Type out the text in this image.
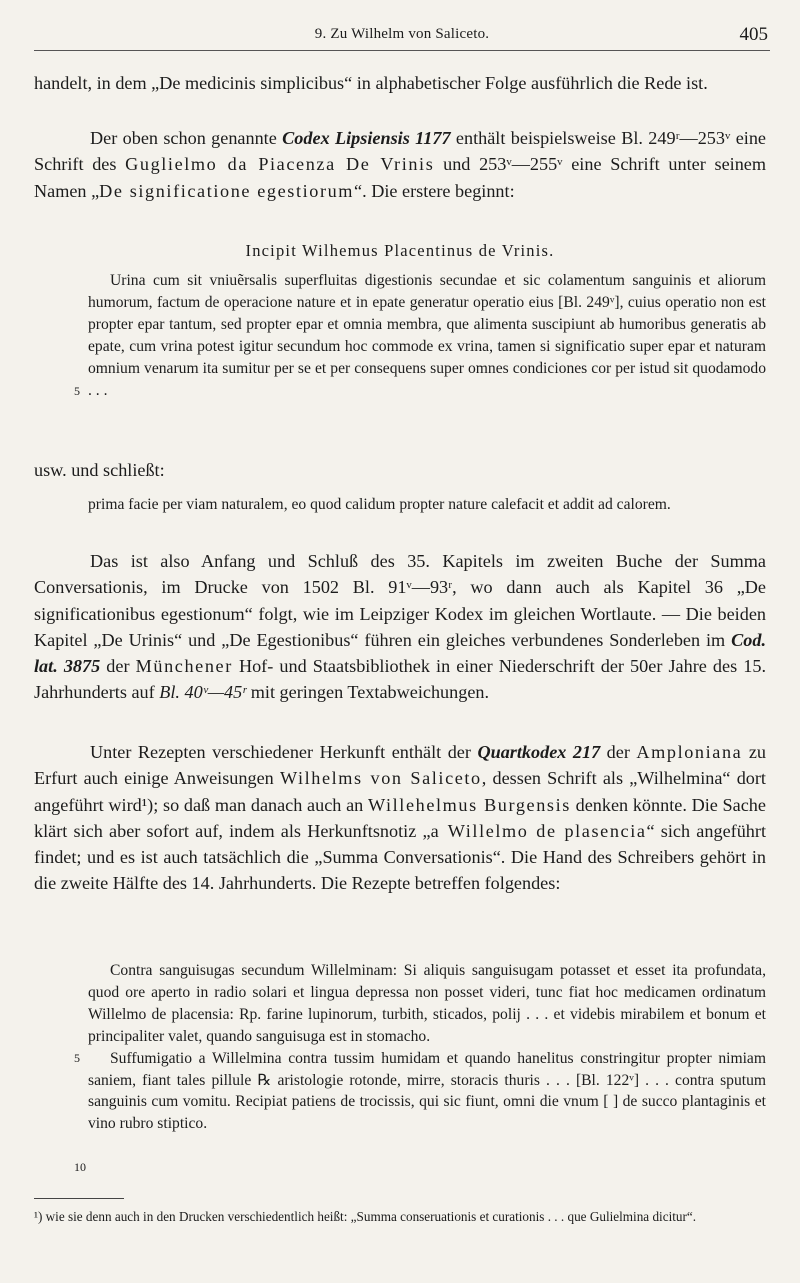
9. Zu Wilhelm von Saliceto.	405

handelt, in dem „De medicinis simplicibus“ in alphabetischer Folge ausführlich die Rede ist.

Der oben schon genannte Codex Lipsiensis 1177 enthält beispielsweise Bl. 249ʳ—253ᵛ eine Schrift des Guglielmo da Piacenza De Vrinis und 253ᵛ—255ᵛ eine Schrift unter seinem Namen „De significatione egestiorum“. Die erstere beginnt:

Incipit Wilhemus Placentinus de Vrinis.

5

Urina cum sit vniuẽrsalis superfluitas digestionis secundae et sic colamentum sanguinis et aliorum humorum, factum de operacione nature et in epate generatur operatio eius [Bl. 249ᵛ], cuius operatio non est propter epar tantum, sed propter epar et omnia membra, que alimenta suscipiunt ab humoribus generatis ab epate, cum vrina potest igitur secundum hoc commode ex vrina, tamen si significatio super epar et naturam omnium venarum ita sumitur per se et per consequens super omnes condiciones cor per istud sit quodamodo . . .

usw. und schließt:

prima facie per viam naturalem, eo quod calidum propter nature calefacit et addit ad calorem.

Das ist also Anfang und Schluß des 35. Kapitels im zweiten Buche der Summa Conversationis, im Drucke von 1502 Bl. 91ᵛ—93ʳ, wo dann auch als Kapitel 36 „De significationibus egestionum“ folgt, wie im Leipziger Kodex im gleichen Wortlaute. — Die beiden Kapitel „De Urinis“ und „De Egestionibus“ führen ein gleiches verbundenes Sonderleben im Cod. lat. 3875 der Münchener Hof- und Staatsbibliothek in einer Niederschrift der 50er Jahre des 15. Jahrhunderts auf Bl. 40ᵛ—45ʳ mit geringen Textabweichungen.

Unter Rezepten verschiedener Herkunft enthält der Quartkodex 217 der Amploniana zu Erfurt auch einige Anweisungen Wilhelms von Saliceto, dessen Schrift als „Wilhelmina“ dort angeführt wird¹); so daß man danach auch an Willehelmus Burgensis denken könnte. Die Sache klärt sich aber sofort auf, indem als Herkunftsnotiz „a Willelmo de plasencia“ sich angeführt findet; und es ist auch tatsächlich die „Summa Conversationis“. Die Hand des Schreibers gehört in die zweite Hälfte des 14. Jahrhunderts. Die Rezepte betreffen folgendes:

5
10

Contra sanguisugas secundum Willelminam: Si aliquis sanguisugam potasset et esset ita profundata, quod ore aperto in radio solari et lingua depressa non posset videri, tunc fiat hoc medicamen ordinatum Willelmo de placensia: Rp. farine lupinorum, turbith, sticados, polij . . . et videbis mirabilem et bonum et principaliter valet, quando sanguisuga est in stomacho.

Suffumigatio a Willelmina contra tussim humidam et quando hanelitus constringitur propter nimiam saniem, fiant tales pillule ℞ aristologie rotonde, mirre, storacis thuris . . . [Bl. 122ᵛ] . . . contra sputum sanguinis cum vomitu. Recipiat patiens de trocissis, qui sic fiunt, omni die vnum [ ] de succo plantaginis et vino rubro stiptico.

¹) wie sie denn auch in den Drucken verschiedentlich heißt: „Summa conseruationis et curationis . . . que Gulielmina dicitur“.
